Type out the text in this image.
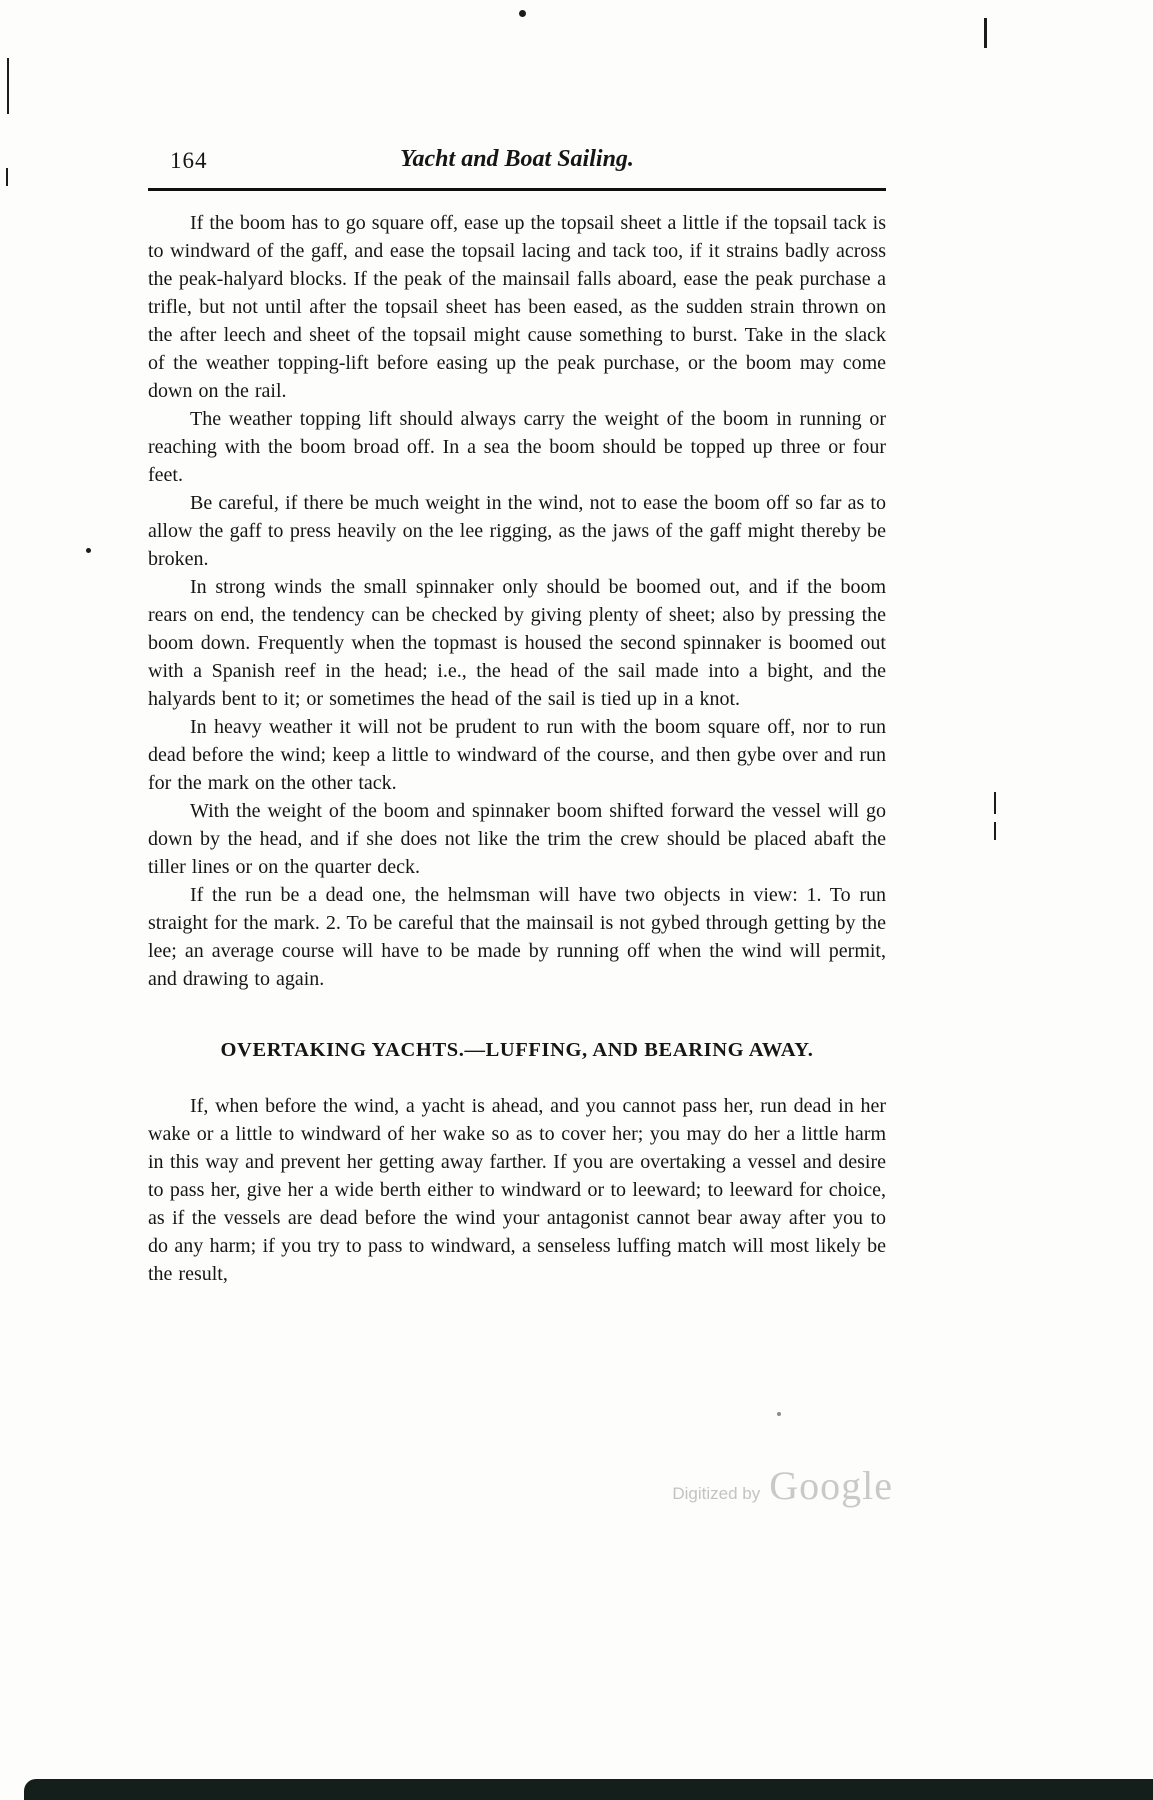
164	Yacht and Boat Sailing.

If the boom has to go square off, ease up the topsail sheet a little if the topsail tack is to windward of the gaff, and ease the topsail lacing and tack too, if it strains badly across the peak-halyard blocks. If the peak of the mainsail falls aboard, ease the peak purchase a trifle, but not until after the topsail sheet has been eased, as the sudden strain thrown on the after leech and sheet of the topsail might cause something to burst. Take in the slack of the weather topping-lift before easing up the peak purchase, or the boom may come down on the rail.

The weather topping lift should always carry the weight of the boom in running or reaching with the boom broad off. In a sea the boom should be topped up three or four feet.

Be careful, if there be much weight in the wind, not to ease the boom off so far as to allow the gaff to press heavily on the lee rigging, as the jaws of the gaff might thereby be broken.

In strong winds the small spinnaker only should be boomed out, and if the boom rears on end, the tendency can be checked by giving plenty of sheet; also by pressing the boom down. Frequently when the topmast is housed the second spinnaker is boomed out with a Spanish reef in the head; i.e., the head of the sail made into a bight, and the halyards bent to it; or sometimes the head of the sail is tied up in a knot.

In heavy weather it will not be prudent to run with the boom square off, nor to run dead before the wind; keep a little to windward of the course, and then gybe over and run for the mark on the other tack.

With the weight of the boom and spinnaker boom shifted forward the vessel will go down by the head, and if she does not like the trim the crew should be placed abaft the tiller lines or on the quarter deck.

If the run be a dead one, the helmsman will have two objects in view: 1. To run straight for the mark. 2. To be careful that the mainsail is not gybed through getting by the lee; an average course will have to be made by running off when the wind will permit, and drawing to again.

OVERTAKING YACHTS.—LUFFING, AND BEARING AWAY.

If, when before the wind, a yacht is ahead, and you cannot pass her, run dead in her wake or a little to windward of her wake so as to cover her; you may do her a little harm in this way and prevent her getting away farther. If you are overtaking a vessel and desire to pass her, give her a wide berth either to windward or to leeward; to leeward for choice, as if the vessels are dead before the wind your antagonist cannot bear away after you to do any harm; if you try to pass to windward, a senseless luffing match will most likely be the result,

Digitized by Google
